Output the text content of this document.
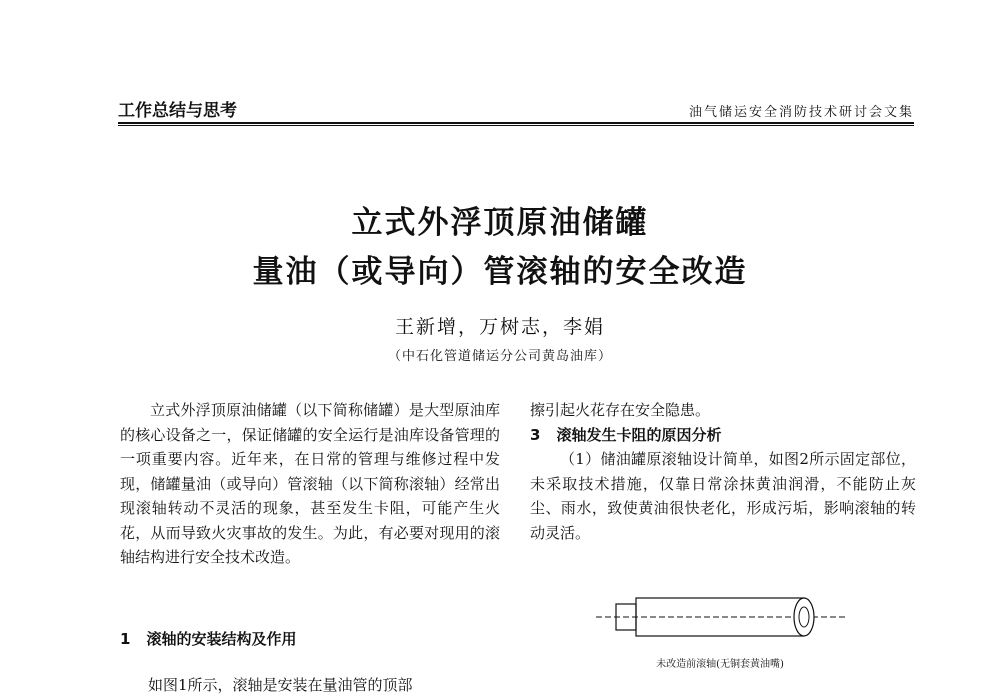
工作总结与思考	油气储运安全消防技术研讨会文集
立式外浮顶原油储罐
量油（或导向）管滚轴的安全改造
王新增，万树志，李娟
（中石化管道储运分公司黄岛油库）

立式外浮顶原油储罐（以下简称储罐）是大型原油库的核心设备之一，保证储罐的安全运行是油库设备管理的一项重要内容。近年来，在日常的管理与维修过程中发现，储罐量油（或导向）管滚轴（以下简称滚轴）经常出现滚轴转动不灵活的现象，甚至发生卡阻，可能产生火花，从而导致火灾事故的发生。为此，有必要对现用的滚轴结构进行安全技术改造。

1 滚轴的安装结构及作用
如图1所示，滚轴是安装在量油管的顶部

擦引起火花存在安全隐患。

3 滚轴发生卡阻的原因分析

（1）储油罐原滚轴设计简单，如图2所示固定部位，未采取技术措施，仅靠日常涂抹黄油润滑，不能防止灰尘、雨水，致使黄油很快老化，形成污垢，影响滚轴的转动灵活。

未改造前滚轴(无铜套黄油嘴)
